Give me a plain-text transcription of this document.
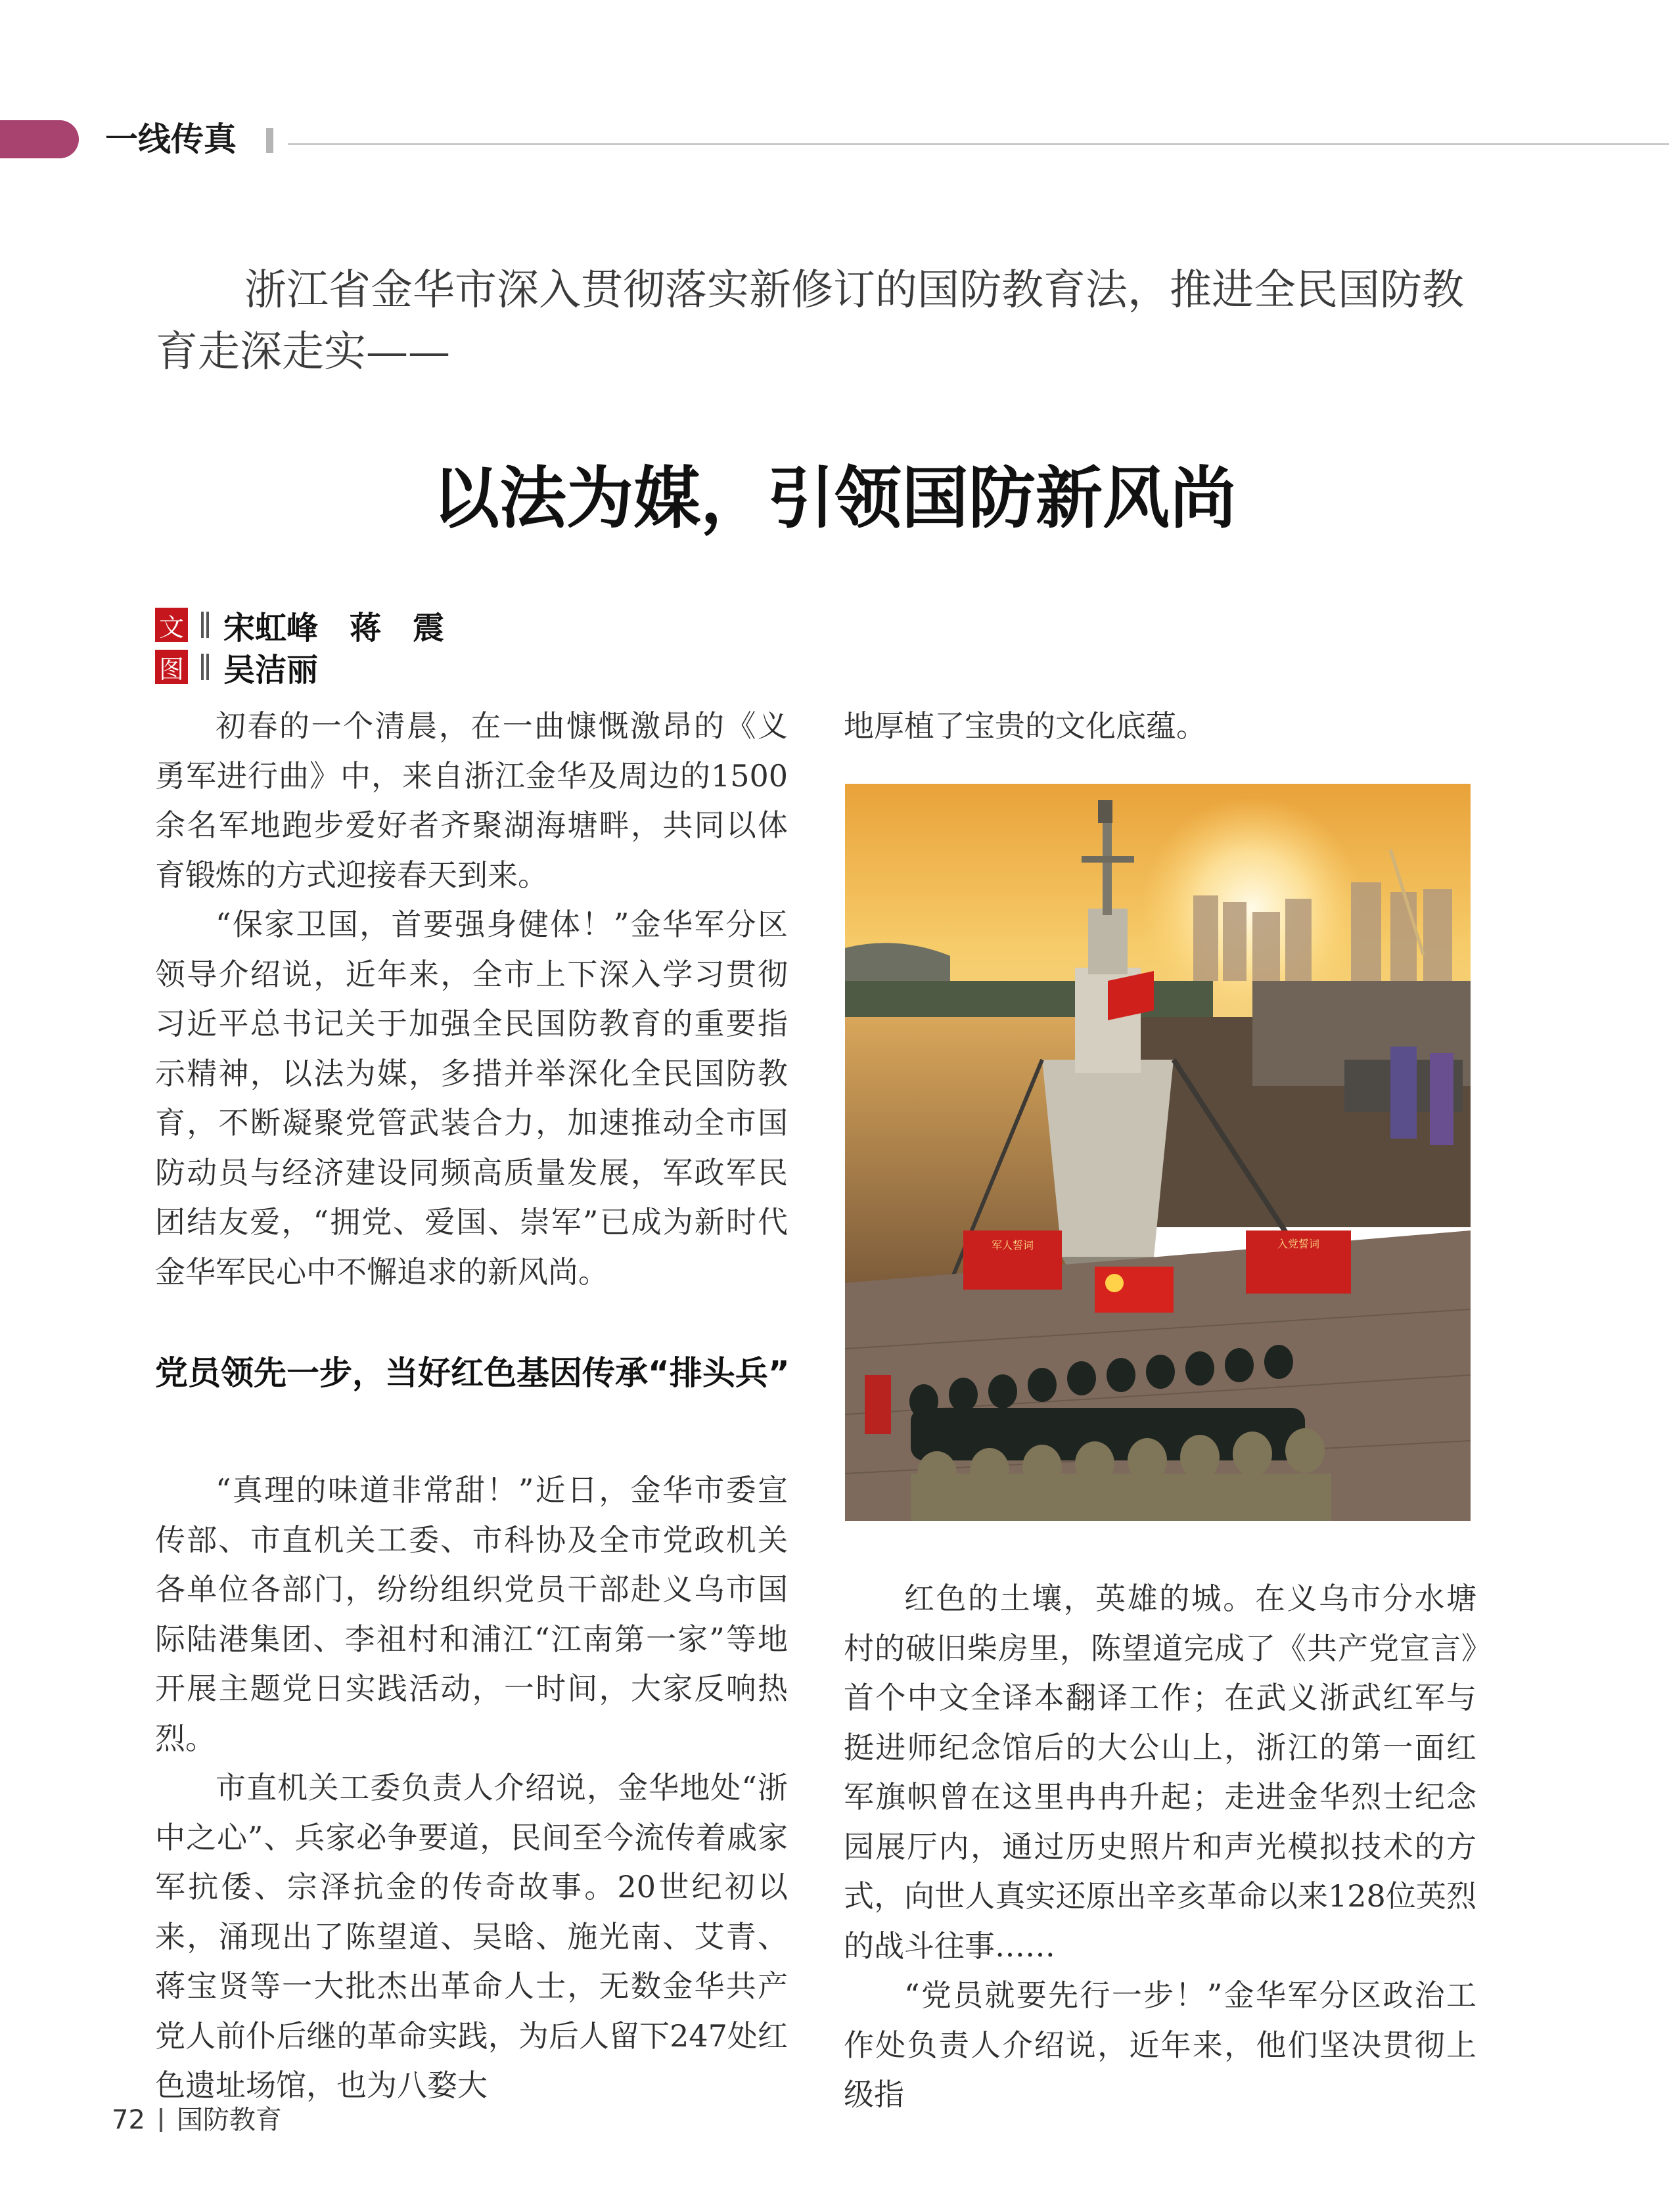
一线传真
浙江省金华市深入贯彻落实新修订的国防教育法，推进全民国防教育走深走实——
以法为媒，引领国防新风尚
文 宋虹峰　蒋　震
图 吴洁丽

初春的一个清晨，在一曲慷慨激昂的《义勇军进行曲》中，来自浙江金华及周边的1500余名军地跑步爱好者齐聚湖海塘畔，共同以体育锻炼的方式迎接春天到来。

“保家卫国，首要强身健体！”金华军分区领导介绍说，近年来，全市上下深入学习贯彻习近平总书记关于加强全民国防教育的重要指示精神，以法为媒，多措并举深化全民国防教育，不断凝聚党管武装合力，加速推动全市国防动员与经济建设同频高质量发展，军政军民团结友爱，“拥党、爱国、崇军”已成为新时代金华军民心中不懈追求的新风尚。

党员领先一步，当好红色基因传承“排头兵”

“真理的味道非常甜！”近日，金华市委宣传部、市直机关工委、市科协及全市党政机关各单位各部门，纷纷组织党员干部赴义乌市国际陆港集团、李祖村和浦江“江南第一家”等地开展主题党日实践活动，一时间，大家反响热烈。

市直机关工委负责人介绍说，金华地处“浙中之心”、兵家必争要道，民间至今流传着戚家军抗倭、宗泽抗金的传奇故事。20世纪初以来，涌现出了陈望道、吴晗、施光南、艾青、蒋宝贤等一大批杰出革命人士，无数金华共产党人前仆后继的革命实践，为后人留下247处红色遗址场馆，也为八婺大

地厚植了宝贵的文化底蕴。

军人誓词	入党誓词

红色的土壤，英雄的城。在义乌市分水塘村的破旧柴房里，陈望道完成了《共产党宣言》首个中文全译本翻译工作；在武义浙武红军与挺进师纪念馆后的大公山上，浙江的第一面红军旗帜曾在这里冉冉升起；走进金华烈士纪念园展厅内，通过历史照片和声光模拟技术的方式，向世人真实还原出辛亥革命以来128位英烈的战斗往事……

“党员就要先行一步！”金华军分区政治工作处负责人介绍说，近年来，他们坚决贯彻上级指

72 国防教育
